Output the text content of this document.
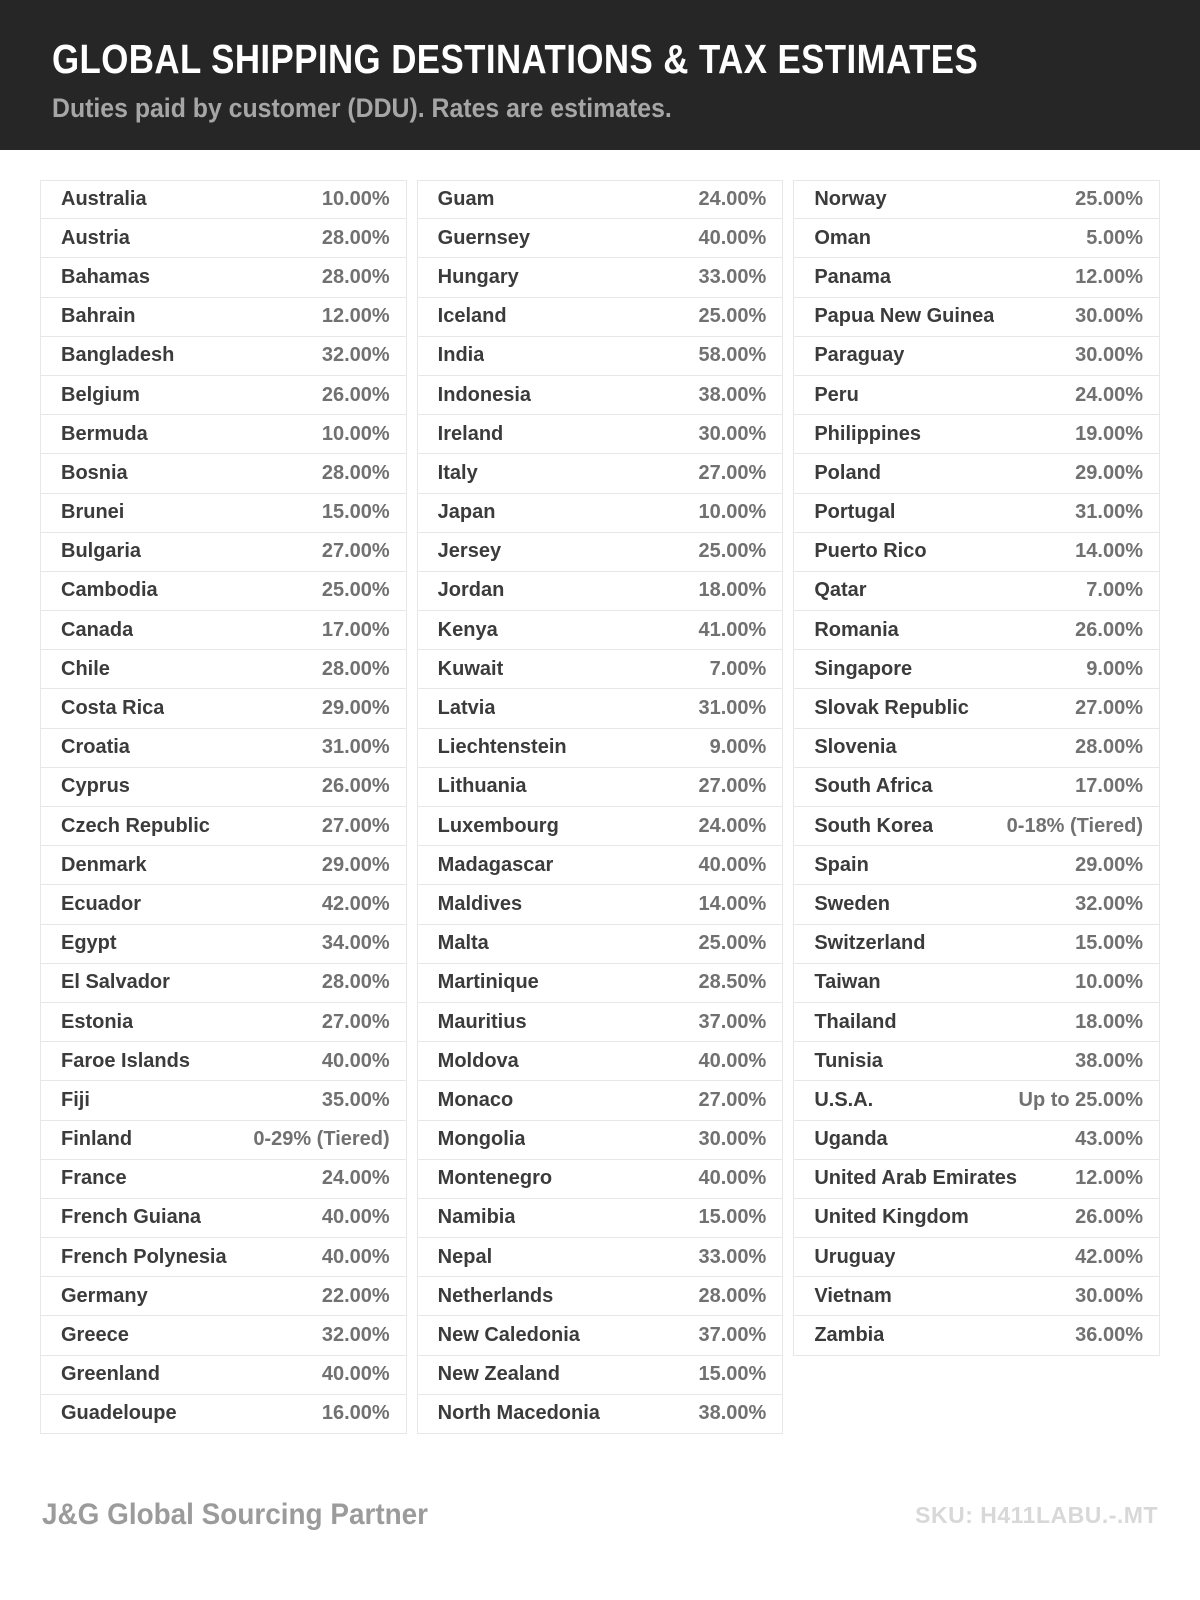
GLOBAL SHIPPING DESTINATIONS & TAX ESTIMATES

Duties paid by customer (DDU). Rates are estimates.

Australia	10.00%
Austria	28.00%
Bahamas	28.00%
Bahrain	12.00%
Bangladesh	32.00%
Belgium	26.00%
Bermuda	10.00%
Bosnia	28.00%
Brunei	15.00%
Bulgaria	27.00%
Cambodia	25.00%
Canada	17.00%
Chile	28.00%
Costa Rica	29.00%
Croatia	31.00%
Cyprus	26.00%
Czech Republic	27.00%
Denmark	29.00%
Ecuador	42.00%
Egypt	34.00%
El Salvador	28.00%
Estonia	27.00%
Faroe Islands	40.00%
Fiji	35.00%
Finland	0-29% (Tiered)
France	24.00%
French Guiana	40.00%
French Polynesia	40.00%
Germany	22.00%
Greece	32.00%
Greenland	40.00%
Guadeloupe	16.00%
Guam	24.00%
Guernsey	40.00%
Hungary	33.00%
Iceland	25.00%
India	58.00%
Indonesia	38.00%
Ireland	30.00%
Italy	27.00%
Japan	10.00%
Jersey	25.00%
Jordan	18.00%
Kenya	41.00%
Kuwait	7.00%
Latvia	31.00%
Liechtenstein	9.00%
Lithuania	27.00%
Luxembourg	24.00%
Madagascar	40.00%
Maldives	14.00%
Malta	25.00%
Martinique	28.50%
Mauritius	37.00%
Moldova	40.00%
Monaco	27.00%
Mongolia	30.00%
Montenegro	40.00%
Namibia	15.00%
Nepal	33.00%
Netherlands	28.00%
New Caledonia	37.00%
New Zealand	15.00%
North Macedonia	38.00%
Norway	25.00%
Oman	5.00%
Panama	12.00%
Papua New Guinea	30.00%
Paraguay	30.00%
Peru	24.00%
Philippines	19.00%
Poland	29.00%
Portugal	31.00%
Puerto Rico	14.00%
Qatar	7.00%
Romania	26.00%
Singapore	9.00%
Slovak Republic	27.00%
Slovenia	28.00%
South Africa	17.00%
South Korea	0-18% (Tiered)
Spain	29.00%
Sweden	32.00%
Switzerland	15.00%
Taiwan	10.00%
Thailand	18.00%
Tunisia	38.00%
U.S.A.	Up to 25.00%
Uganda	43.00%
United Arab Emirates	12.00%
United Kingdom	26.00%
Uruguay	42.00%
Vietnam	30.00%
Zambia	36.00%
J&G Global Sourcing Partner	SKU: H411LABU.-.MT
